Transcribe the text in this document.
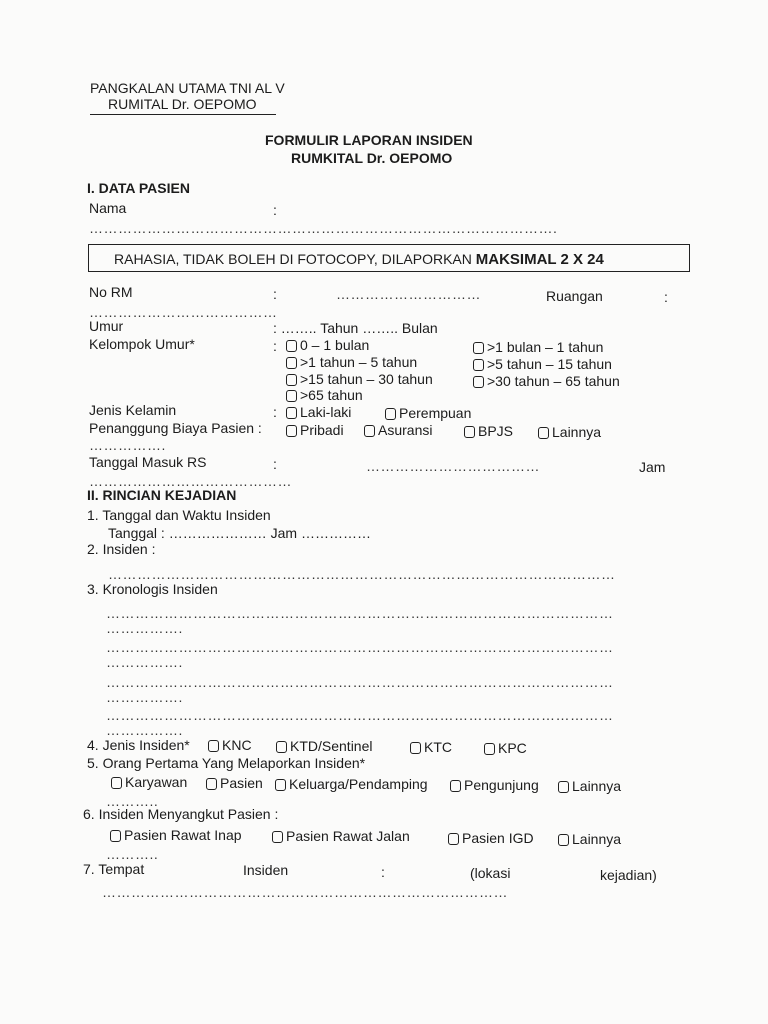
PANGKALAN UTAMA TNI AL V
RUMITAL Dr. OEPOMO
FORMULIR LAPORAN INSIDEN
RUMKITAL Dr. OEPOMO
I. DATA PASIEN
Nama	:
…………………………………………………………………………………….
RAHASIA, TIDAK BOLEH DI FOTOCOPY, DILAPORKAN MAKSIMAL 2 X 24
No RM	:	…………………………	Ruangan	:
…………………………………
Umur	: …….. Tahun …….. Bulan
Kelompok Umur*	:	0 – 1 bulan	>1 bulan – 1 tahun
>1 tahun – 5 tahun	>5 tahun – 15 tahun
>15 tahun – 30 tahun	>30 tahun – 65 tahun
>65 tahun
Jenis Kelamin	:	Laki-laki	Perempuan
Penanggung Biaya Pasien :	Pribadi	Asuransi	BPJS	Lainnya
…………….
Tanggal Masuk RS	:	………………………………	Jam
……………………………………
II. RINCIAN KEJADIAN
1. Tanggal dan Waktu Insiden
Tanggal : ………………… Jam ……………
2. Insiden :
……………………………………………………………………………………………
3. Kronologis Insiden
……………………………………………………………………………………………
…………….
……………………………………………………………………………………………
…………….
……………………………………………………………………………………………
…………….
……………………………………………………………………………………………
…………….
4. Jenis Insiden*	KNC	KTD/Sentinel	KTC	KPC
5. Orang Pertama Yang Melaporkan Insiden*
Karyawan	Pasien	Keluarga/Pendamping	Pengunjung	Lainnya
………..
6. Insiden Menyangkut Pasien :
Pasien Rawat Inap	Pasien Rawat Jalan	Pasien IGD	Lainnya
………..
7. Tempat	Insiden	:	(lokasi	kejadian)
…………………………………………………………………………
